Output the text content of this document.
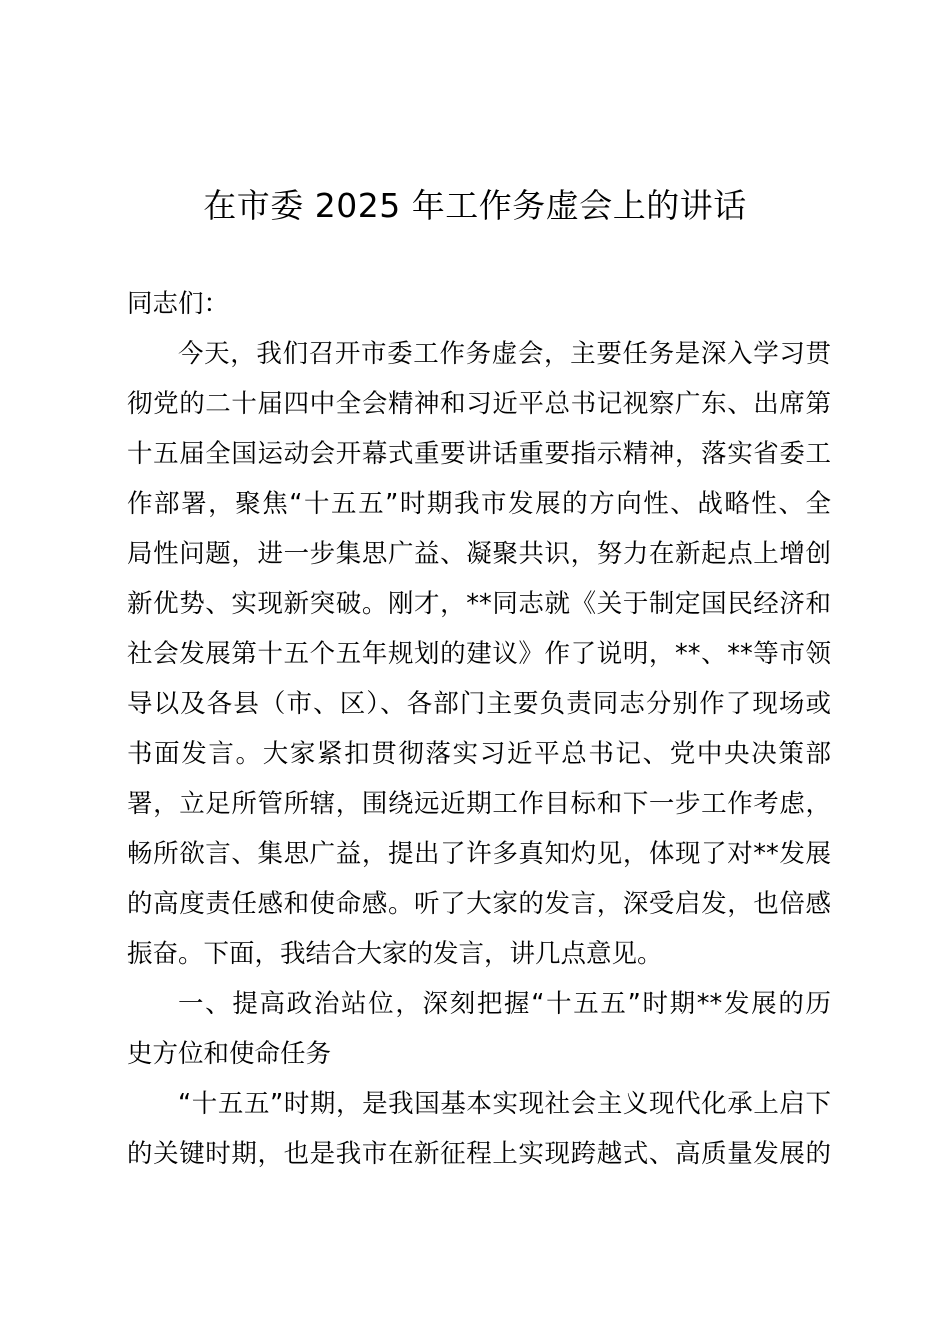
在市委 2025 年工作务虚会上的讲话
同志们：
今天，我们召开市委工作务虚会，主要任务是深入学习贯
彻党的二十届四中全会精神和习近平总书记视察广东、出席第
十五届全国运动会开幕式重要讲话重要指示精神，落实省委工
作部署，聚焦“十五五”时期我市发展的方向性、战略性、全
局性问题，进一步集思广益、凝聚共识，努力在新起点上增创
新优势、实现新突破。刚才，**同志就《关于制定国民经济和
社会发展第十五个五年规划的建议》作了说明，**、**等市领
导以及各县（市、区）、各部门主要负责同志分别作了现场或
书面发言。大家紧扣贯彻落实习近平总书记、党中央决策部
署，立足所管所辖，围绕远近期工作目标和下一步工作考虑，
畅所欲言、集思广益，提出了许多真知灼见，体现了对**发展
的高度责任感和使命感。听了大家的发言，深受启发，也倍感
振奋。下面，我结合大家的发言，讲几点意见。
一、提高政治站位，深刻把握“十五五”时期**发展的历
史方位和使命任务
“十五五”时期，是我国基本实现社会主义现代化承上启下
的关键时期，也是我市在新征程上实现跨越式、高质量发展的
